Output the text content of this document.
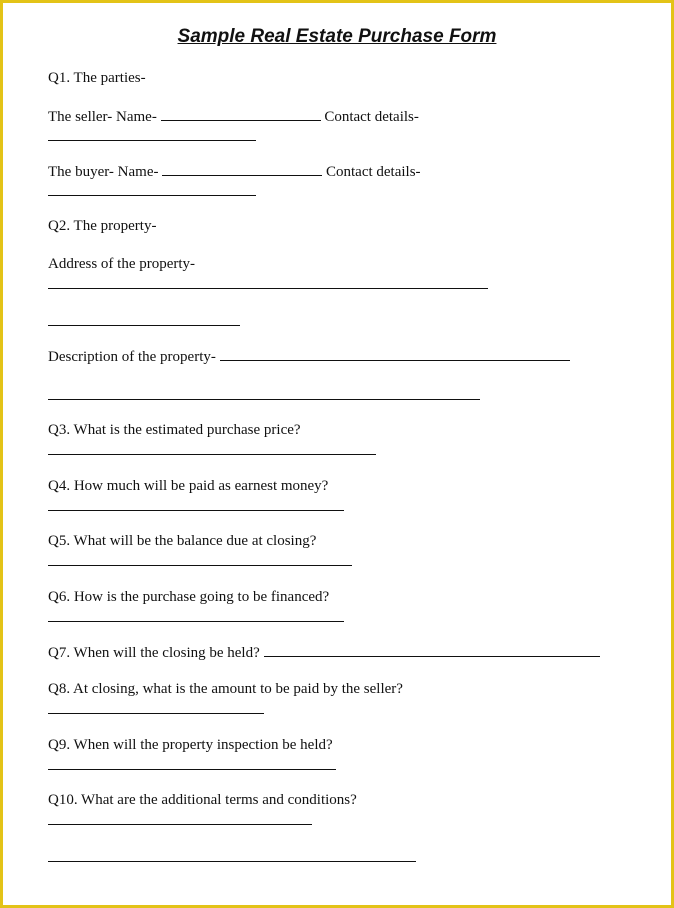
Sample Real Estate Purchase Form
Q1. The parties-
The seller- Name-	Contact details-
The buyer- Name-	Contact details-
Q2. The property-
Address of the property-
Description of the property-
Q3. What is the estimated purchase price?
Q4. How much will be paid as earnest money?
Q5. What will be the balance due at closing?
Q6. How is the purchase going to be financed?
Q7. When will the closing be held?
Q8. At closing, what is the amount to be paid by the seller?
Q9. When will the property inspection be held?
Q10. What are the additional terms and conditions?
